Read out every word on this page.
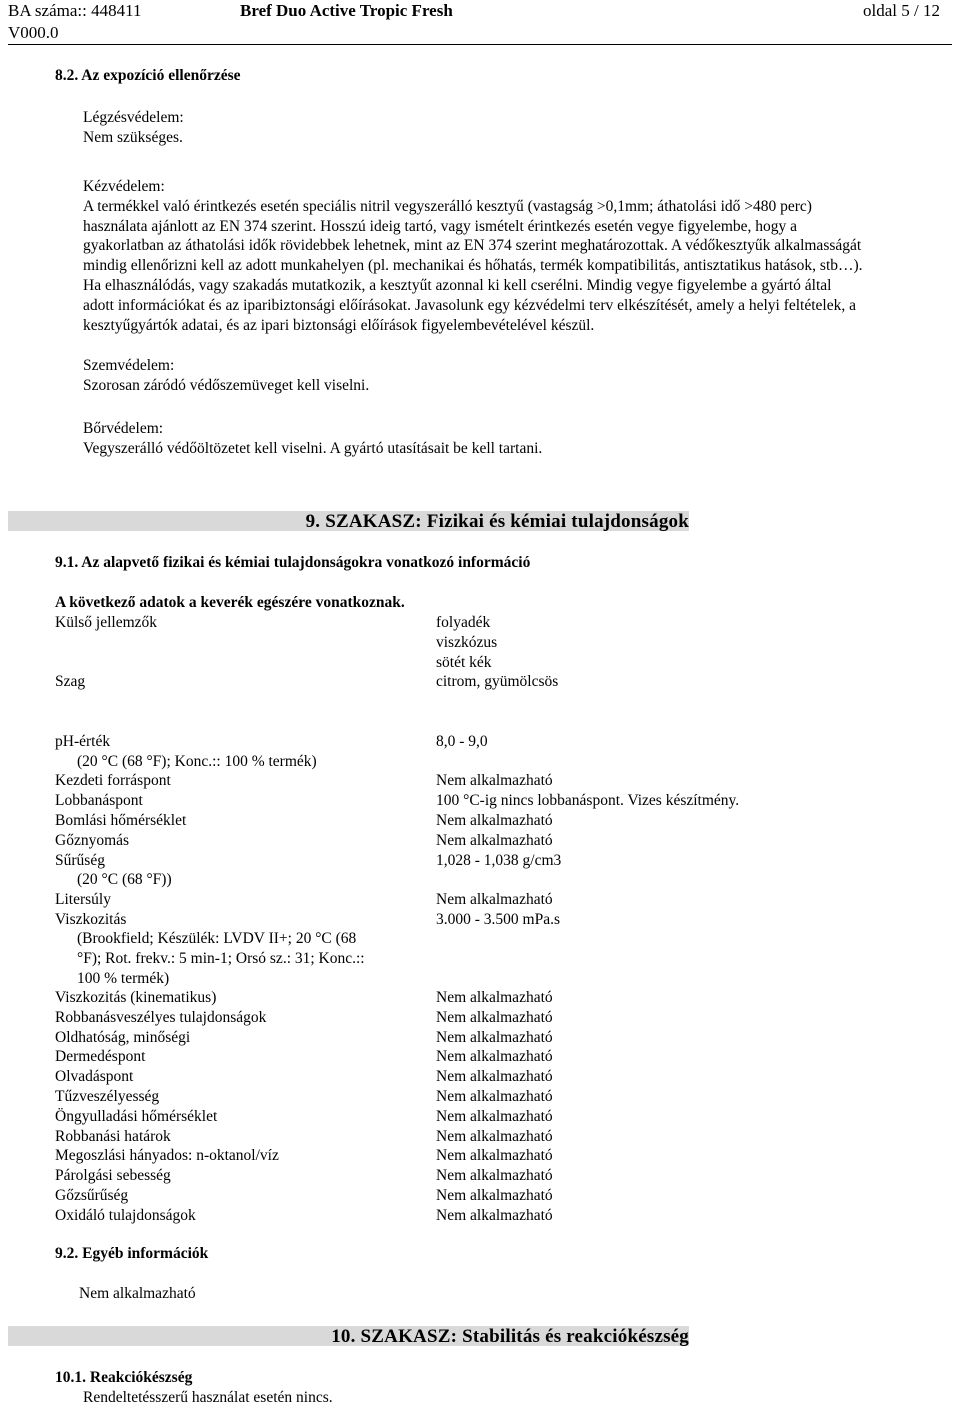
BA száma:: 448411
V000.0
Bref Duo Active Tropic Fresh	oldal 5 / 12
8.2. Az expozíció ellenőrzése
Légzésvédelem:
Nem szükséges.
Kézvédelem:
A termékkel való érintkezés esetén speciális nitril vegyszerálló kesztyű (vastagság >0,1mm; áthatolási idő >480 perc)
használata ajánlott az EN 374 szerint. Hosszú ideig tartó, vagy ismételt érintkezés esetén vegye figyelembe, hogy a
gyakorlatban az áthatolási idők rövidebbek lehetnek, mint az EN 374 szerint meghatározottak. A védőkesztyűk alkalmasságát
mindig ellenőrizni kell az adott munkahelyen (pl. mechanikai és hőhatás, termék kompatibilitás, antisztatikus hatások, stb…).
Ha elhasználódás, vagy szakadás mutatkozik, a kesztyűt azonnal ki kell cserélni. Mindig vegye figyelembe a gyártó által
adott információkat és az iparibiztonsági előírásokat. Javasolunk egy kézvédelmi terv elkészítését, amely a helyi feltételek, a
kesztyűgyártók adatai, és az ipari biztonsági előírások figyelembevételével készül.
Szemvédelem:
Szorosan záródó védőszemüveget kell viselni.
Bőrvédelem:
Vegyszerálló védőöltözetet kell viselni. A gyártó utasításait be kell tartani.
9. SZAKASZ: Fizikai és kémiai tulajdonságok
9.1. Az alapvető fizikai és kémiai tulajdonságokra vonatkozó információ
A következő adatok a keverék egészére vonatkoznak.
Külső jellemzők	folyadék
viszkózus
sötét kék
Szag	citrom, gyümölcsös
pH-érték	8,0 - 9,0
(20 °C (68 °F); Konc.:: 100 % termék)
Kezdeti forráspont	Nem alkalmazható
Lobbanáspont	100 °C-ig nincs lobbanáspont. Vizes készítmény.
Bomlási hőmérséklet	Nem alkalmazható
Gőznyomás	Nem alkalmazható
Sűrűség	1,028 - 1,038 g/cm3
(20 °C (68 °F))
Litersúly	Nem alkalmazható
Viszkozitás	3.000 - 3.500 mPa.s
(Brookfield; Készülék: LVDV II+; 20 °C (68
°F); Rot. frekv.: 5 min-1; Orsó sz.: 31; Konc.::
100 % termék)
Viszkozitás (kinematikus)	Nem alkalmazható
Robbanásveszélyes tulajdonságok	Nem alkalmazható
Oldhatóság, minőségi	Nem alkalmazható
Dermedéspont	Nem alkalmazható
Olvadáspont	Nem alkalmazható
Tűzveszélyesség	Nem alkalmazható
Öngyulladási hőmérséklet	Nem alkalmazható
Robbanási határok	Nem alkalmazható
Megoszlási hányados: n-oktanol/víz	Nem alkalmazható
Párolgási sebesség	Nem alkalmazható
Gőzsűrűség	Nem alkalmazható
Oxidáló tulajdonságok	Nem alkalmazható
9.2. Egyéb információk
Nem alkalmazható
10. SZAKASZ: Stabilitás és reakciókészség
10.1. Reakciókészség
Rendeltetésszerű használat esetén nincs.
